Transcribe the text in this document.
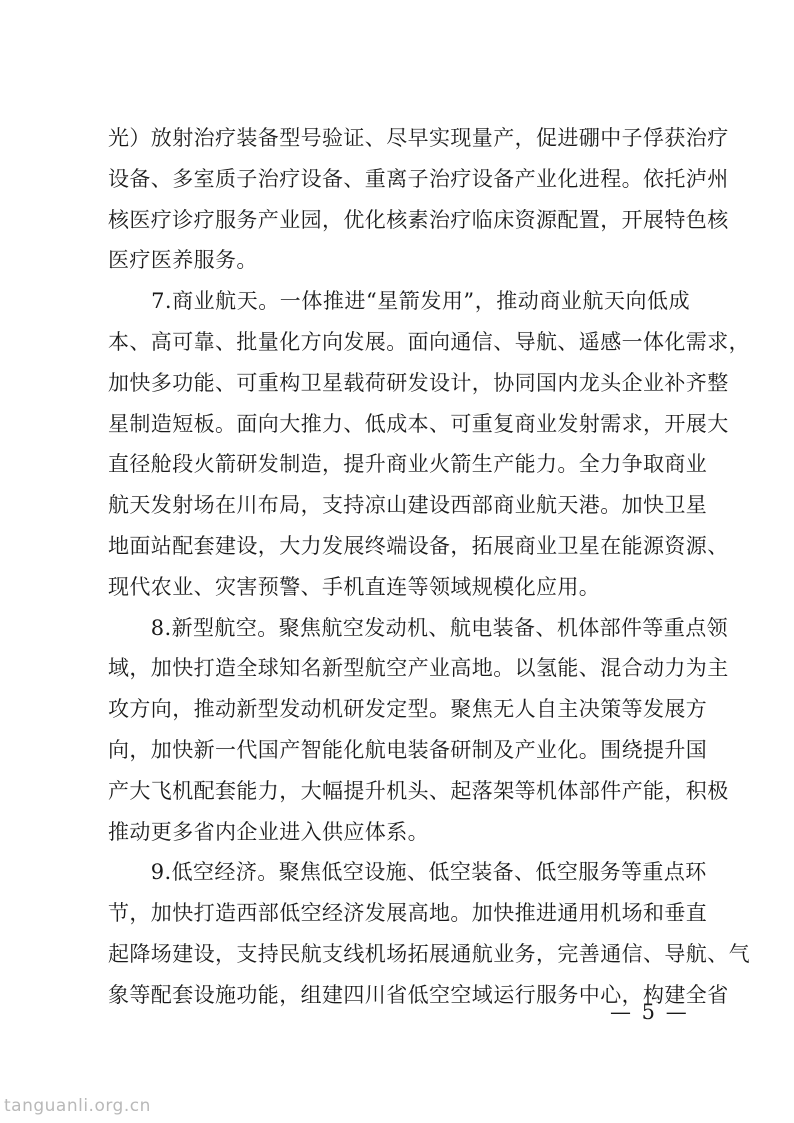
光）放射治疗装备型号验证、尽早实现量产，促进硼中子俘获治疗
设备、多室质子治疗设备、重离子治疗设备产业化进程。依托泸州
核医疗诊疗服务产业园，优化核素治疗临床资源配置，开展特色核
医疗医养服务。

　　7.商业航天。一体推进“星箭发用”，推动商业航天向低成
本、高可靠、批量化方向发展。面向通信、导航、遥感一体化需求，
加快多功能、可重构卫星载荷研发设计，协同国内龙头企业补齐整
星制造短板。面向大推力、低成本、可重复商业发射需求，开展大
直径舱段火箭研发制造，提升商业火箭生产能力。全力争取商业
航天发射场在川布局，支持凉山建设西部商业航天港。加快卫星
地面站配套建设，大力发展终端设备，拓展商业卫星在能源资源、
现代农业、灾害预警、手机直连等领域规模化应用。

　　8.新型航空。聚焦航空发动机、航电装备、机体部件等重点领
域，加快打造全球知名新型航空产业高地。以氢能、混合动力为主
攻方向，推动新型发动机研发定型。聚焦无人自主决策等发展方
向，加快新一代国产智能化航电装备研制及产业化。围绕提升国
产大飞机配套能力，大幅提升机头、起落架等机体部件产能，积极
推动更多省内企业进入供应体系。

　　9.低空经济。聚焦低空设施、低空装备、低空服务等重点环
节，加快打造西部低空经济发展高地。加快推进通用机场和垂直
起降场建设，支持民航支线机场拓展通航业务，完善通信、导航、气
象等配套设施功能，组建四川省低空空域运行服务中心，构建全省

— 5 —
tanguanli.org.cn
